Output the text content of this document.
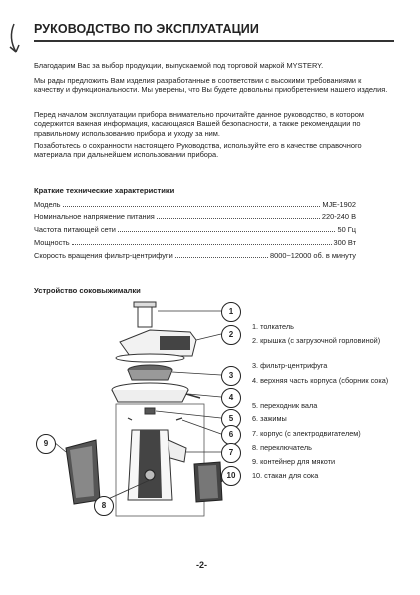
РУКОВОДСТВО ПО ЭКСПЛУАТАЦИИ
Благодарим Вас за выбор продукции, выпускаемой под торговой маркой MYSTERY.
Мы рады предложить Вам изделия разработанные в соответствии с высокими требованиями к качеству и функциональности. Мы уверены, что Вы будете довольны приобретением нашего изделия.
Перед началом эксплуатации прибора внимательно прочитайте данное руководство, в котором содержится важная информация, касающаяся Вашей безопасности, а также рекомендации по правильному использованию прибора и уходу за ним.
Позаботьтесь о сохранности настоящего Руководства, используйте его в качестве справочного материала при дальнейшем использовании прибора.
Краткие технические характеристики
Модель	MJE-1902
Номинальное напряжение питания	220-240 В
Частота питающей сети	50 Гц
Мощность	300 Вт
Скорость вращения фильтр-центрифуги	8000~12000 об. в минуту
Устройство соковыжималки
1
2
3
4
5
6
7
8
9
10
1. толкатель
2. крышка (с загрузочной горловиной)
3. фильтр-центрифуга
4. верхняя часть корпуса (сборник сока)
5. переходник вала
6. зажимы
7. корпус (с электродвигателем)
8. переключатель
9. контейнер для мякоти
10. стакан для сока
-2-
